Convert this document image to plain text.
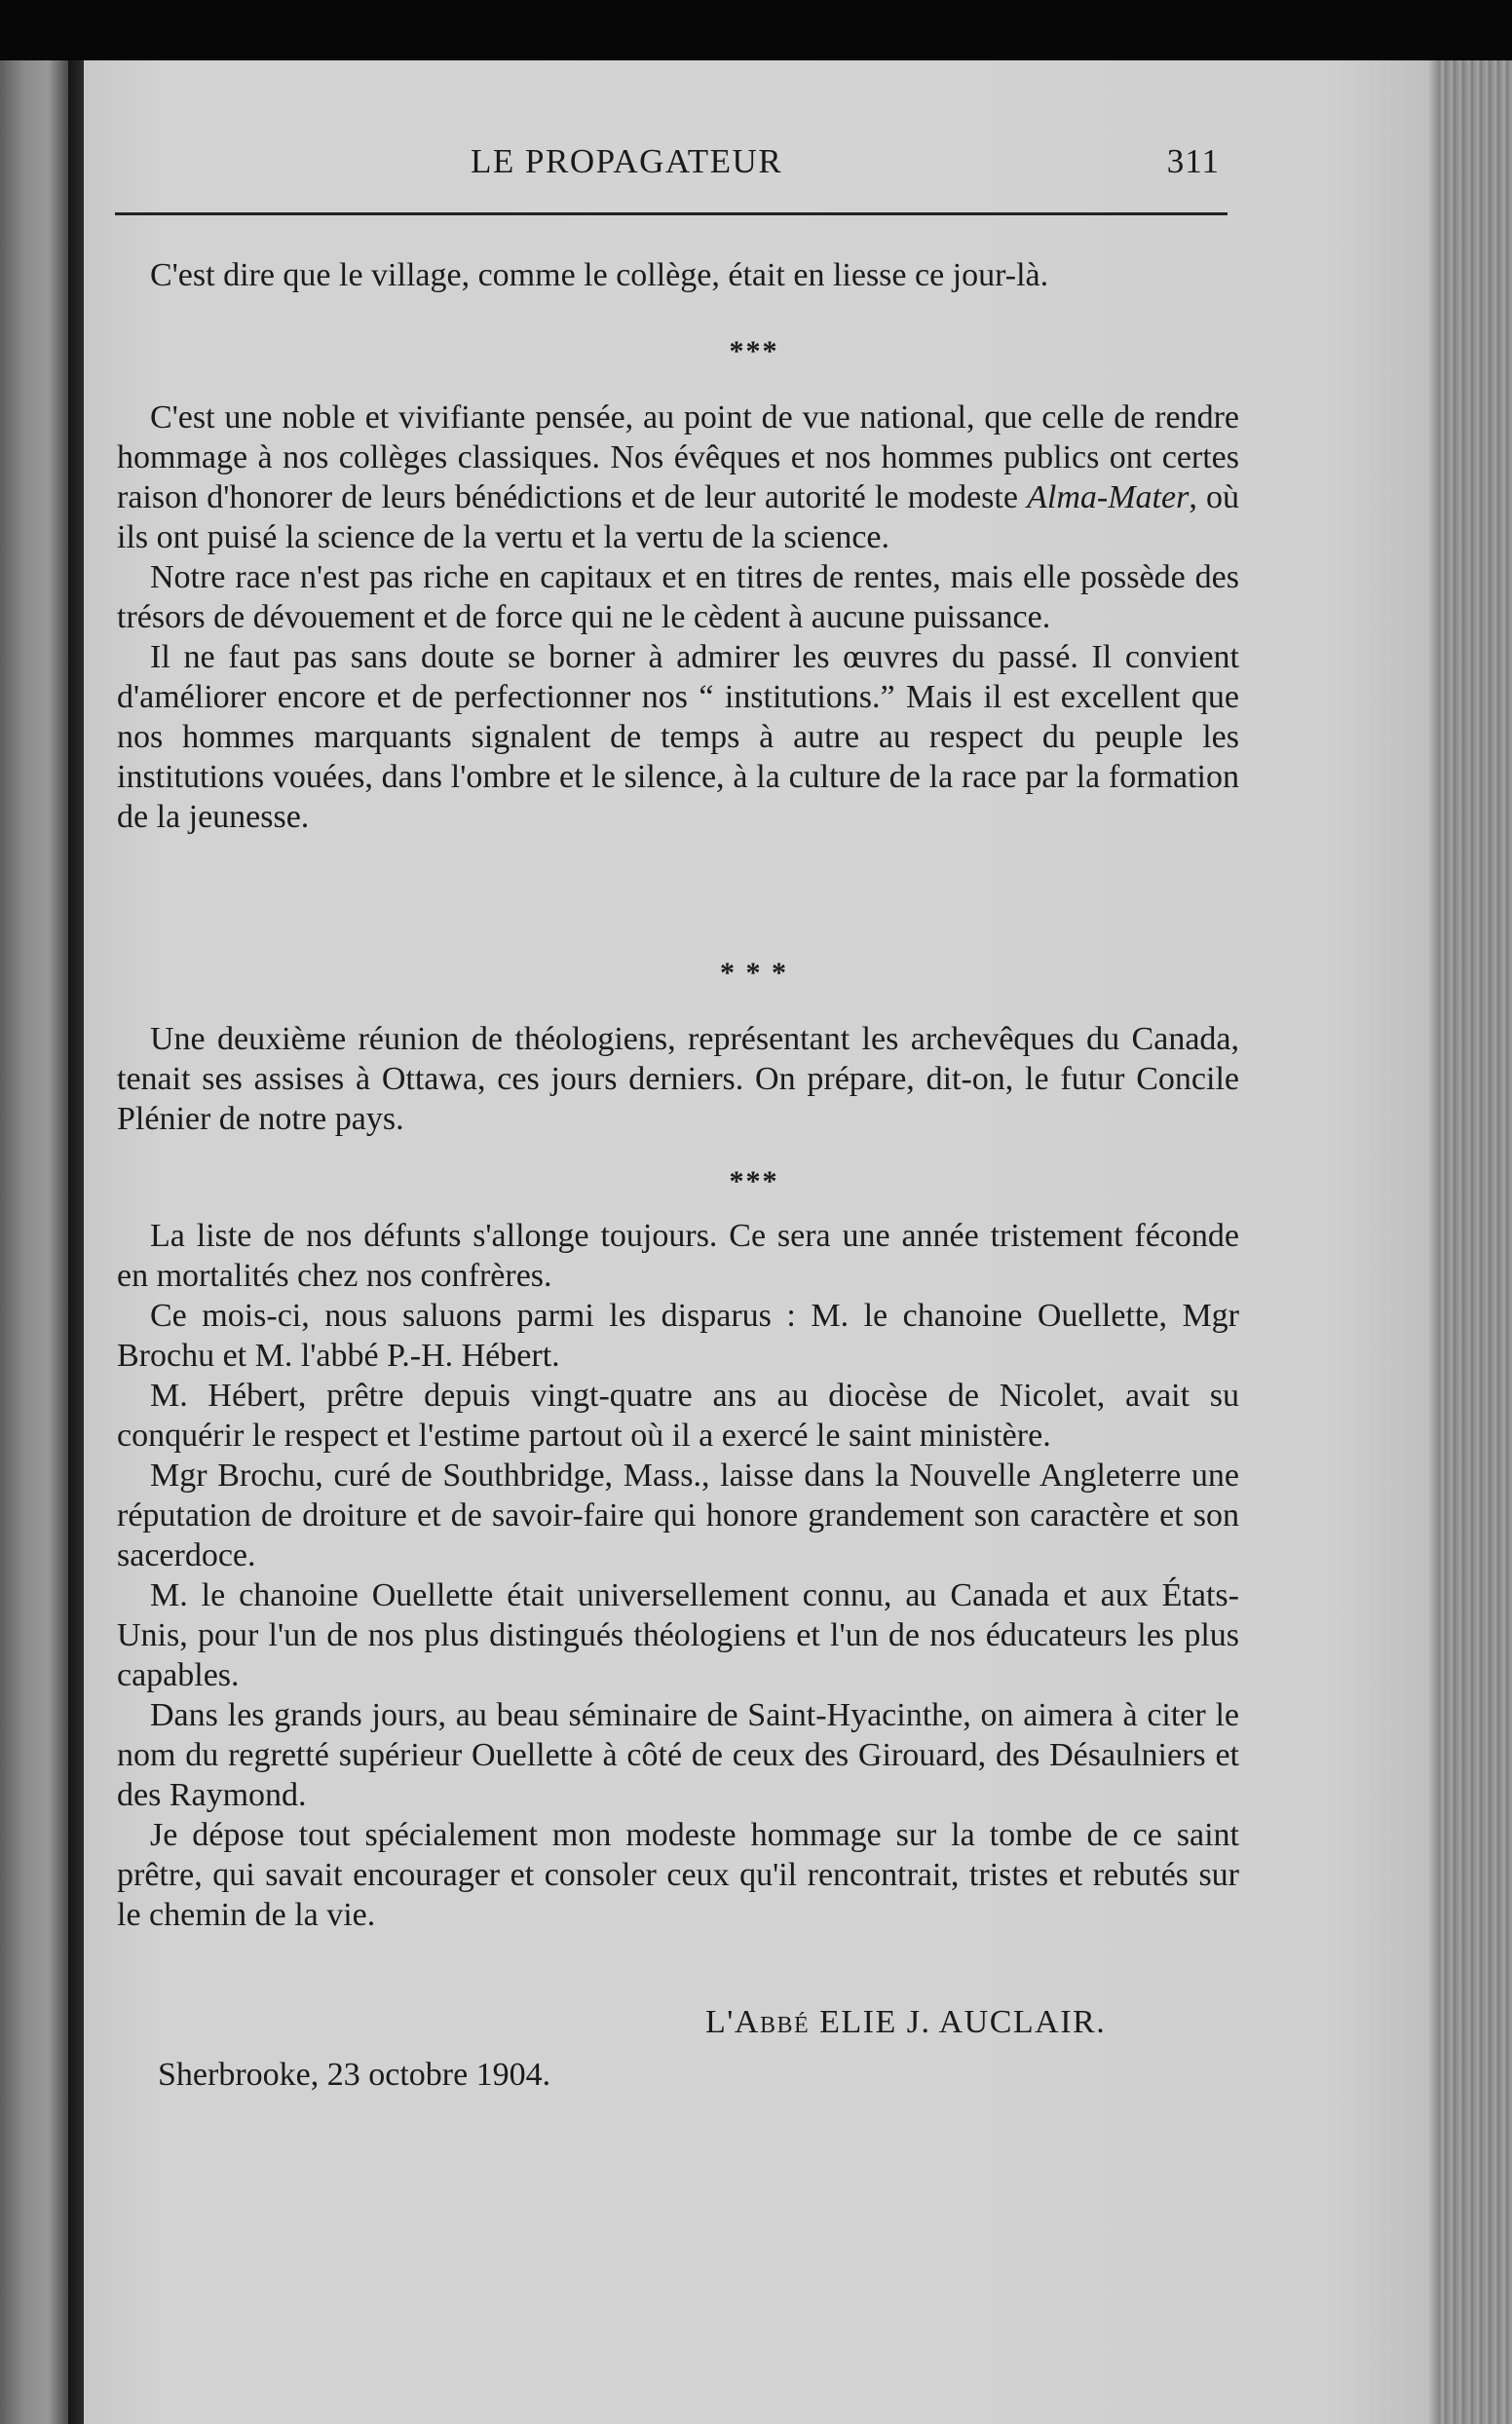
LE PROPAGATEUR	311

C'est dire que le village, comme le collège, était en liesse ce jour-là.

***

C'est une noble et vivifiante pensée, au point de vue national, que celle de rendre hommage à nos collèges classiques. Nos évêques et nos hommes publics ont certes raison d'honorer de leurs bénédictions et de leur autorité le modeste Alma-Mater, où ils ont puisé la science de la vertu et la vertu de la science.

Notre race n'est pas riche en capitaux et en titres de rentes, mais elle possède des trésors de dévouement et de force qui ne le cèdent à aucune puissance.

Il ne faut pas sans doute se borner à admirer les œuvres du passé. Il convient d'améliorer encore et de perfectionner nos “ institutions.” Mais il est excellent que nos hommes marquants signalent de temps à autre au respect du peuple les institutions vouées, dans l'ombre et le silence, à la culture de la race par la formation de la jeunesse.

* * *

Une deuxième réunion de théologiens, représentant les archevêques du Canada, tenait ses assises à Ottawa, ces jours derniers. On prépare, dit-on, le futur Concile Plénier de notre pays.

***

La liste de nos défunts s'allonge toujours. Ce sera une année tristement féconde en mortalités chez nos confrères.

Ce mois-ci, nous saluons parmi les disparus : M. le chanoine Ouellette, Mgr Brochu et M. l'abbé P.-H. Hébert.

M. Hébert, prêtre depuis vingt-quatre ans au diocèse de Nicolet, avait su conquérir le respect et l'estime partout où il a exercé le saint ministère.

Mgr Brochu, curé de Southbridge, Mass., laisse dans la Nouvelle Angleterre une réputation de droiture et de savoir-faire qui honore grandement son caractère et son sacerdoce.

M. le chanoine Ouellette était universellement connu, au Canada et aux États-Unis, pour l'un de nos plus distingués théologiens et l'un de nos éducateurs les plus capables.

Dans les grands jours, au beau séminaire de Saint-Hyacinthe, on aimera à citer le nom du regretté supérieur Ouellette à côté de ceux des Girouard, des Désaulniers et des Raymond.

Je dépose tout spécialement mon modeste hommage sur la tombe de ce saint prêtre, qui savait encourager et consoler ceux qu'il rencontrait, tristes et rebutés sur le chemin de la vie.

L'Abbé ELIE J. AUCLAIR.
Sherbrooke, 23 octobre 1904.
